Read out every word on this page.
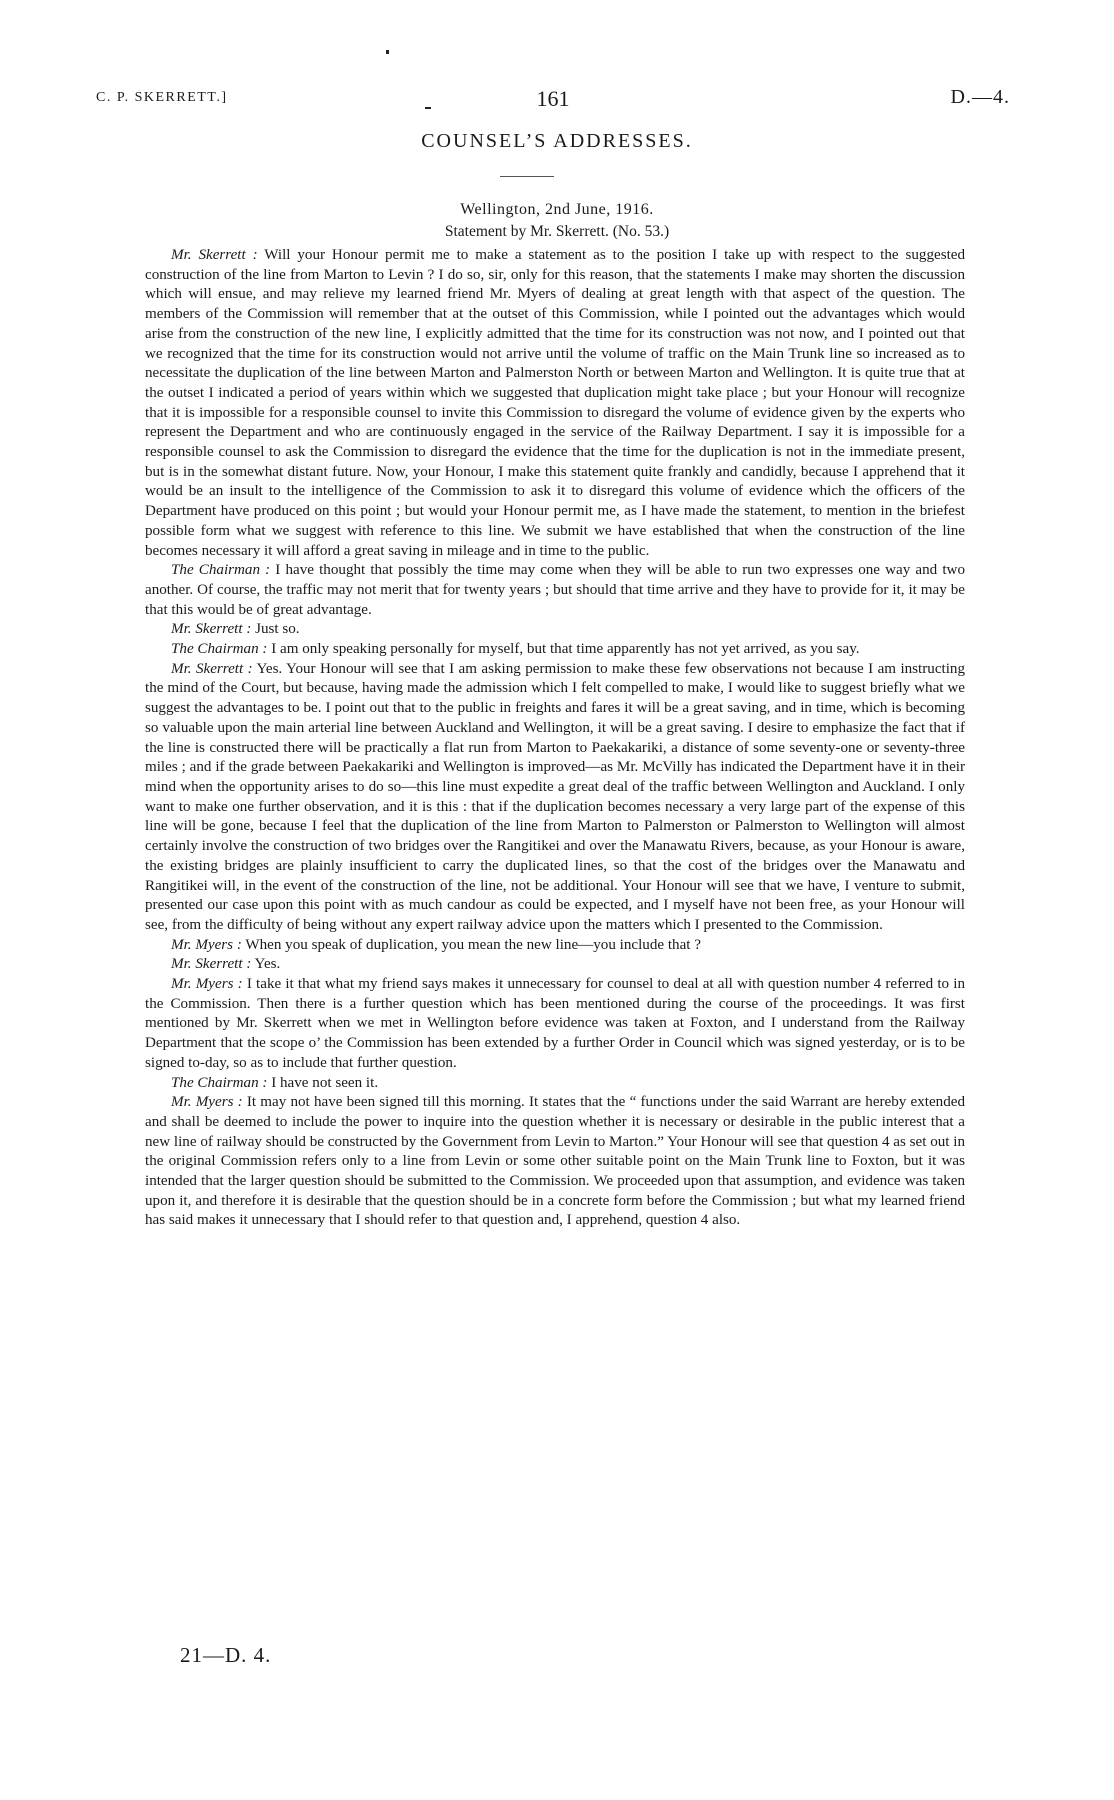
C. P. SKERRETT.]	161	D.—4.
COUNSEL’S ADDRESSES.
Wellington, 2nd June, 1916.
Statement by Mr. Skerrett. (No. 53.)

Mr. Skerrett : Will your Honour permit me to make a statement as to the position I take up with respect to the suggested construction of the line from Marton to Levin ? I do so, sir, only for this reason, that the statements I make may shorten the discussion which will ensue, and may relieve my learned friend Mr. Myers of dealing at great length with that aspect of the question. The members of the Commission will remember that at the outset of this Commission, while I pointed out the advantages which would arise from the construction of the new line, I explicitly admitted that the time for its construction was not now, and I pointed out that we recognized that the time for its construction would not arrive until the volume of traffic on the Main Trunk line so increased as to necessitate the duplication of the line between Marton and Palmerston North or between Marton and Wellington. It is quite true that at the outset I indicated a period of years within which we suggested that duplication might take place ; but your Honour will recognize that it is impossible for a responsible counsel to invite this Commission to disregard the volume of evidence given by the experts who represent the Department and who are continuously engaged in the service of the Railway Department. I say it is impossible for a responsible counsel to ask the Commission to disregard the evidence that the time for the duplication is not in the immediate present, but is in the somewhat distant future. Now, your Honour, I make this statement quite frankly and candidly, because I apprehend that it would be an insult to the intelligence of the Commission to ask it to disregard this volume of evidence which the officers of the Department have produced on this point ; but would your Honour permit me, as I have made the statement, to mention in the briefest possible form what we suggest with reference to this line. We submit we have established that when the construction of the line becomes necessary it will afford a great saving in mileage and in time to the public.

The Chairman : I have thought that possibly the time may come when they will be able to run two expresses one way and two another. Of course, the traffic may not merit that for twenty years ; but should that time arrive and they have to provide for it, it may be that this would be of great advantage.

Mr. Skerrett : Just so.

The Chairman : I am only speaking personally for myself, but that time apparently has not yet arrived, as you say.

Mr. Skerrett : Yes. Your Honour will see that I am asking permission to make these few observations not because I am instructing the mind of the Court, but because, having made the admission which I felt compelled to make, I would like to suggest briefly what we suggest the advantages to be. I point out that to the public in freights and fares it will be a great saving, and in time, which is becoming so valuable upon the main arterial line between Auckland and Wellington, it will be a great saving. I desire to emphasize the fact that if the line is constructed there will be practically a flat run from Marton to Paekakariki, a distance of some seventy-one or seventy-three miles ; and if the grade between Paekakariki and Wellington is improved—as Mr. McVilly has indicated the Department have it in their mind when the opportunity arises to do so—this line must expedite a great deal of the traffic between Wellington and Auckland. I only want to make one further observation, and it is this : that if the duplication becomes necessary a very large part of the expense of this line will be gone, because I feel that the duplication of the line from Marton to Palmerston or Palmerston to Wellington will almost certainly involve the construction of two bridges over the Rangitikei and over the Manawatu Rivers, because, as your Honour is aware, the existing bridges are plainly insufficient to carry the duplicated lines, so that the cost of the bridges over the Manawatu and Rangitikei will, in the event of the construction of the line, not be additional. Your Honour will see that we have, I venture to submit, presented our case upon this point with as much candour as could be expected, and I myself have not been free, as your Honour will see, from the difficulty of being without any expert railway advice upon the matters which I presented to the Commission.

Mr. Myers : When you speak of duplication, you mean the new line—you include that ?

Mr. Skerrett : Yes.

Mr. Myers : I take it that what my friend says makes it unnecessary for counsel to deal at all with question number 4 referred to in the Commission. Then there is a further question which has been mentioned during the course of the proceedings. It was first mentioned by Mr. Skerrett when we met in Wellington before evidence was taken at Foxton, and I understand from the Railway Department that the scope o’ the Commission has been extended by a further Order in Council which was signed yesterday, or is to be signed to-day, so as to include that further question.

The Chairman : I have not seen it.

Mr. Myers : It may not have been signed till this morning. It states that the “ functions under the said Warrant are hereby extended and shall be deemed to include the power to inquire into the question whether it is necessary or desirable in the public interest that a new line of railway should be constructed by the Government from Levin to Marton.” Your Honour will see that question 4 as set out in the original Commission refers only to a line from Levin or some other suitable point on the Main Trunk line to Foxton, but it was intended that the larger question should be submitted to the Commission. We proceeded upon that assumption, and evidence was taken upon it, and therefore it is desirable that the question should be in a concrete form before the Commission ; but what my learned friend has said makes it unnecessary that I should refer to that question and, I apprehend, question 4 also.

21—D. 4.
